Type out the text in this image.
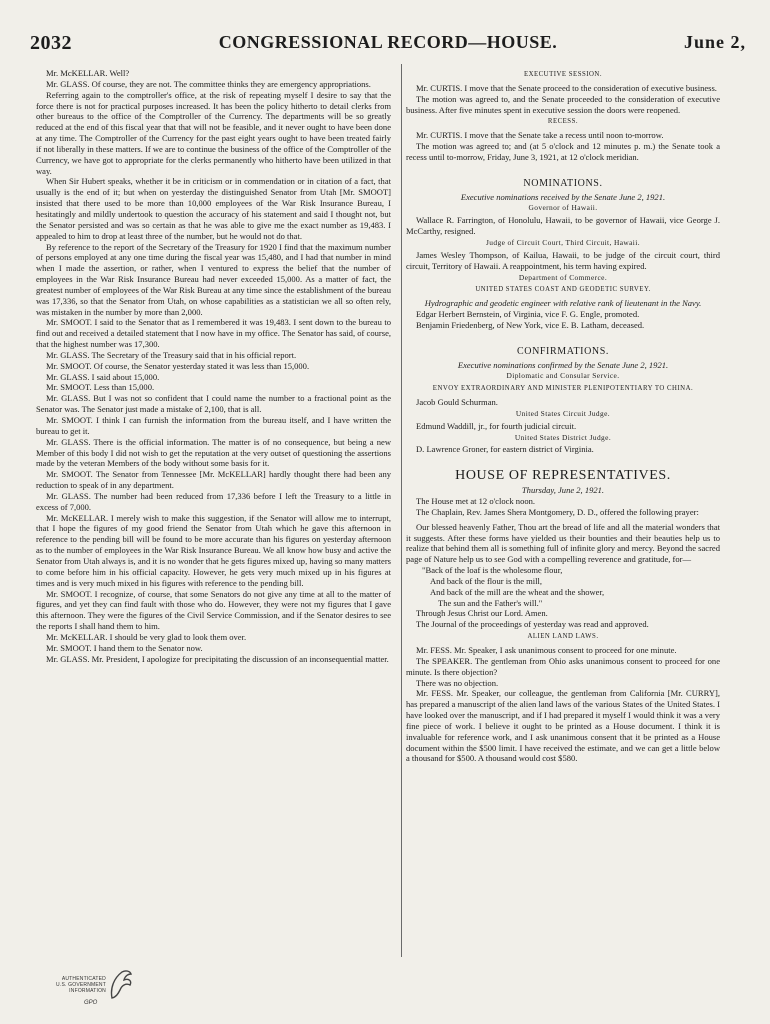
2032	CONGRESSIONAL RECORD—HOUSE.	June 2,

Mr. McKELLAR. Well?

Mr. GLASS. Of course, they are not. The committee thinks they are emergency appropriations.

Referring again to the comptroller's office, at the risk of repeating myself I desire to say that the force there is not for practical purposes increased. It has been the policy hitherto to detail clerks from other bureaus to the office of the Comptroller of the Currency. The departments will be so greatly reduced at the end of this fiscal year that that will not be feasible, and it never ought to have been done at any time. The Comptroller of the Currency for the past eight years ought to have been treated fairly if not liberally in these matters. If we are to continue the business of the office of the Comptroller of the Currency, we have got to appropriate for the clerks permanently who hitherto have been utilized in that way.

When Sir Hubert speaks, whether it be in criticism or in commendation or in citation of a fact, that usually is the end of it; but when on yesterday the distinguished Senator from Utah [Mr. SMOOT] insisted that there used to be more than 10,000 employees of the War Risk Insurance Bureau, I hesitatingly and mildly undertook to question the accuracy of his statement and said I thought not, but the Senator persisted and was so certain as that he was able to give me the exact number as 19,483. I appealed to him to drop at least three of the number, but he would not do that.

By reference to the report of the Secretary of the Treasury for 1920 I find that the maximum number of persons employed at any one time during the fiscal year was 15,480, and I had that number in mind when I made the assertion, or rather, when I ventured to express the belief that the number of employees in the War Risk Insurance Bureau had never exceeded 15,000. As a matter of fact, the greatest number of employees of the War Risk Bureau at any time since the establishment of the bureau was 17,336, so that the Senator from Utah, on whose capabilities as a statistician we all so often rely, was mistaken in the number by more than 2,000.

Mr. SMOOT. I said to the Senator that as I remembered it was 19,483. I sent down to the bureau to find out and received a detailed statement that I now have in my office. The Senator has said, of course, that the highest number was 17,300.

Mr. GLASS. The Secretary of the Treasury said that in his official report.

Mr. SMOOT. Of course, the Senator yesterday stated it was less than 15,000.

Mr. GLASS. I said about 15,000.

Mr. SMOOT. Less than 15,000.

Mr. GLASS. But I was not so confident that I could name the number to a fractional point as the Senator was. The Senator just made a mistake of 2,100, that is all.

Mr. SMOOT. I think I can furnish the information from the bureau itself, and I have written the bureau to get it.

Mr. GLASS. There is the official information. The matter is of no consequence, but being a new Member of this body I did not wish to get the reputation at the very outset of questioning the assertions made by the veteran Members of the body without some basis for it.

Mr. SMOOT. The Senator from Tennessee [Mr. McKELLAR] hardly thought there had been any reduction to speak of in any department.

Mr. GLASS. The number had been reduced from 17,336 before I left the Treasury to a little in excess of 7,000.

Mr. McKELLAR. I merely wish to make this suggestion, if the Senator will allow me to interrupt, that I hope the figures of my good friend the Senator from Utah which he gave this afternoon in reference to the pending bill will be found to be more accurate than his figures on yesterday afternoon as to the number of employees in the War Risk Insurance Bureau. We all know how busy and active the Senator from Utah always is, and it is no wonder that he gets figures mixed up, having so many matters to come before him in his official capacity. However, he gets very much mixed up in his figures at times and is very much mixed in his figures with reference to the pending bill.

Mr. SMOOT. I recognize, of course, that some Senators do not give any time at all to the matter of figures, and yet they can find fault with those who do. However, they were not my figures that I gave this afternoon. They were the figures of the Civil Service Commission, and if the Senator desires to see the reports I shall hand them to him.

Mr. McKELLAR. I should be very glad to look them over.

Mr. SMOOT. I hand them to the Senator now.

Mr. GLASS. Mr. President, I apologize for precipitating the discussion of an inconsequential matter.

EXECUTIVE SESSION.

Mr. CURTIS. I move that the Senate proceed to the consideration of executive business.

The motion was agreed to, and the Senate proceeded to the consideration of executive business. After five minutes spent in executive session the doors were reopened.

RECESS.

Mr. CURTIS. I move that the Senate take a recess until noon to-morrow.

The motion was agreed to; and (at 5 o'clock and 12 minutes p. m.) the Senate took a recess until to-morrow, Friday, June 3, 1921, at 12 o'clock meridian.

NOMINATIONS.
Executive nominations received by the Senate June 2, 1921.
Governor of Hawaii.

Wallace R. Farrington, of Honolulu, Hawaii, to be governor of Hawaii, vice George J. McCarthy, resigned.

Judge of Circuit Court, Third Circuit, Hawaii.

James Wesley Thompson, of Kailua, Hawaii, to be judge of the circuit court, third circuit, Territory of Hawaii. A reappointment, his term having expired.

Department of Commerce.
UNITED STATES COAST AND GEODETIC SURVEY.
Hydrographic and geodetic engineer with relative rank of lieutenant in the Navy.

Edgar Herbert Bernstein, of Virginia, vice F. G. Engle, promoted.

Benjamin Friedenberg, of New York, vice E. B. Latham, deceased.

CONFIRMATIONS.
Executive nominations confirmed by the Senate June 2, 1921.
Diplomatic and Consular Service.
ENVOY EXTRAORDINARY AND MINISTER PLENIPOTENTIARY TO CHINA.

Jacob Gould Schurman.

United States Circuit Judge.

Edmund Waddill, jr., for fourth judicial circuit.

United States District Judge.

D. Lawrence Groner, for eastern district of Virginia.

HOUSE OF REPRESENTATIVES.
Thursday, June 2, 1921.

The House met at 12 o'clock noon.

The Chaplain, Rev. James Shera Montgomery, D. D., offered the following prayer:

Our blessed heavenly Father, Thou art the bread of life and all the material wonders that it suggests. After these forms have yielded us their bounties and their beauties help us to realize that behind them all is something full of infinite glory and mercy. Beyond the sacred page of Nature help us to see God with a compelling reverence and gratitude, for—

"Back of the loaf is the wholesome flour,
And back of the flour is the mill,
And back of the mill are the wheat and the shower,
The sun and the Father's will."

Through Jesus Christ our Lord. Amen.

The Journal of the proceedings of yesterday was read and approved.

ALIEN LAND LAWS.

Mr. FESS. Mr. Speaker, I ask unanimous consent to proceed for one minute.

The SPEAKER. The gentleman from Ohio asks unanimous consent to proceed for one minute. Is there objection?

There was no objection.

Mr. FESS. Mr. Speaker, our colleague, the gentleman from California [Mr. CURRY], has prepared a manuscript of the alien land laws of the various States of the United States. I have looked over the manuscript, and if I had prepared it myself I would think it was a very fine piece of work. I believe it ought to be printed as a House document. I think it is invaluable for reference work, and I ask unanimous consent that it be printed as a House document within the $500 limit. I have received the estimate, and we can get a little below a thousand for $500. A thousand would cost $580.

AUTHENTICATED
U.S. GOVERNMENT
INFORMATION
GPO
